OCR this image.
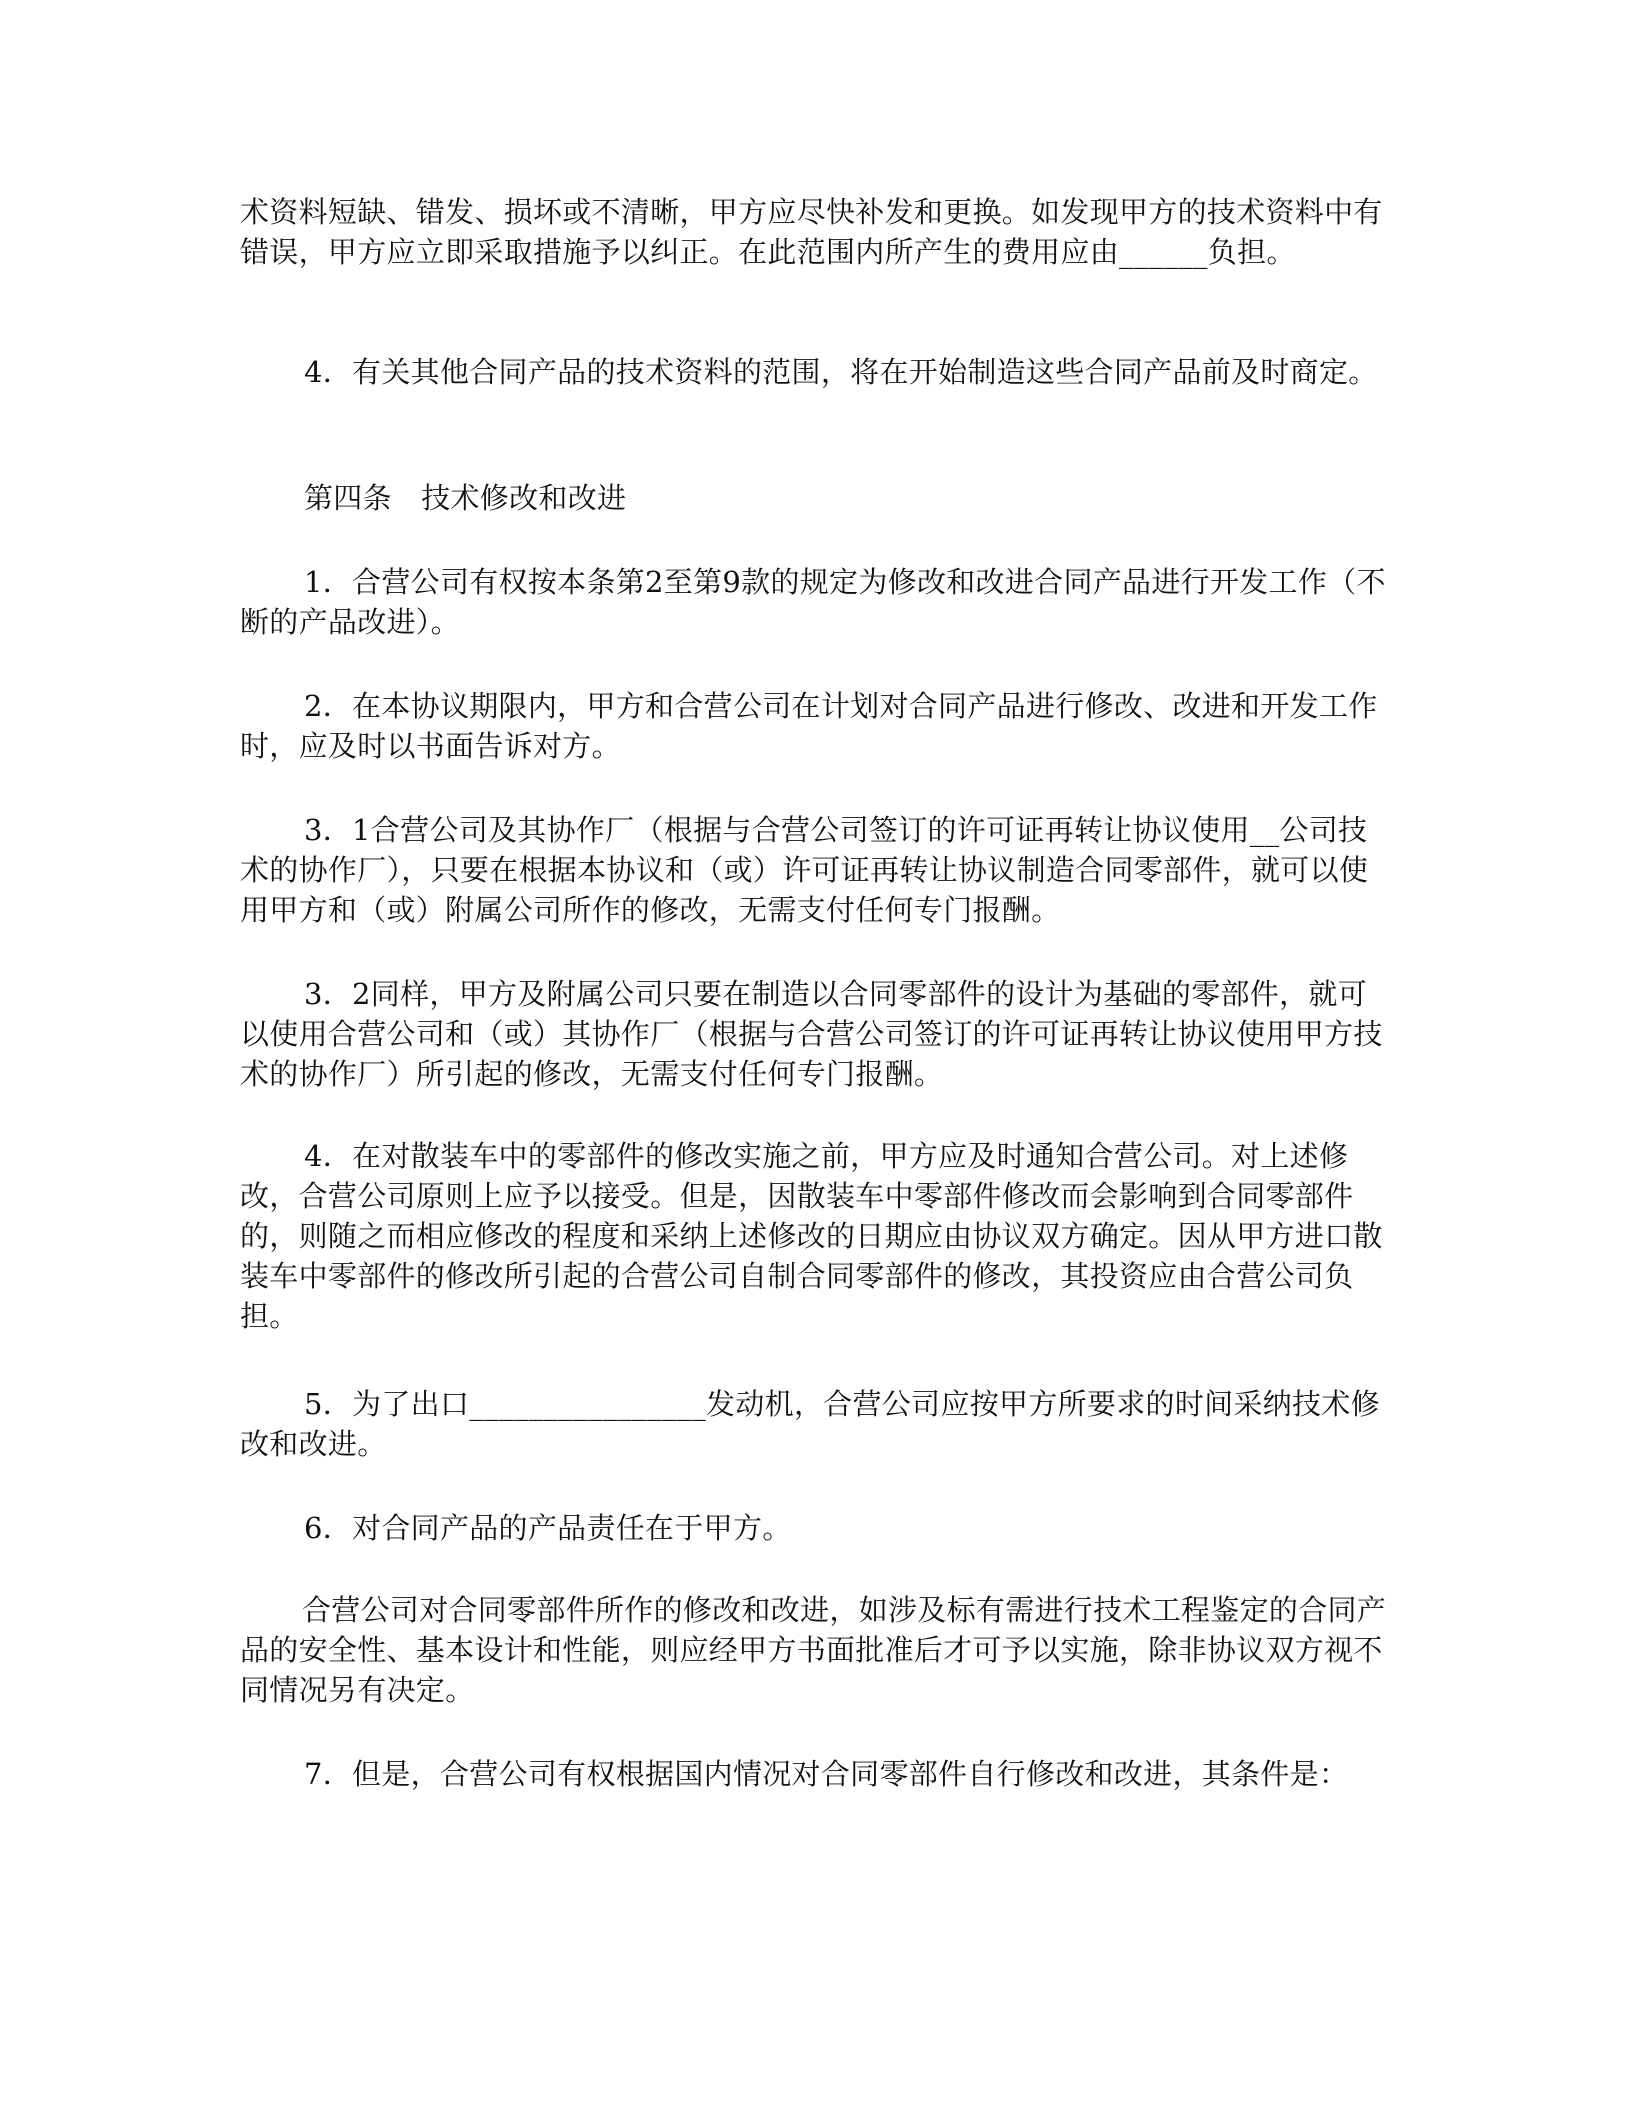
术资料短缺、错发、损坏或不清晰，甲方应尽快补发和更换。如发现甲方的技术资料中有错误，甲方应立即采取措施予以纠正。在此范围内所产生的费用应由______负担。

4．有关其他合同产品的技术资料的范围，将在开始制造这些合同产品前及时商定。

第四条　技术修改和改进

1．合营公司有权按本条第2至第9款的规定为修改和改进合同产品进行开发工作（不断的产品改进）。

2．在本协议期限内，甲方和合营公司在计划对合同产品进行修改、改进和开发工作时，应及时以书面告诉对方。

3．1合营公司及其协作厂（根据与合营公司签订的许可证再转让协议使用__公司技术的协作厂），只要在根据本协议和（或）许可证再转让协议制造合同零部件，就可以使用甲方和（或）附属公司所作的修改，无需支付任何专门报酬。

3．2同样，甲方及附属公司只要在制造以合同零部件的设计为基础的零部件，就可以使用合营公司和（或）其协作厂（根据与合营公司签订的许可证再转让协议使用甲方技术的协作厂）所引起的修改，无需支付任何专门报酬。

4．在对散装车中的零部件的修改实施之前，甲方应及时通知合营公司。对上述修改，合营公司原则上应予以接受。但是，因散装车中零部件修改而会影响到合同零部件的，则随之而相应修改的程度和采纳上述修改的日期应由协议双方确定。因从甲方进口散装车中零部件的修改所引起的合营公司自制合同零部件的修改，其投资应由合营公司负担。

5．为了出口________________发动机，合营公司应按甲方所要求的时间采纳技术修改和改进。

6．对合同产品的产品责任在于甲方。

合营公司对合同零部件所作的修改和改进，如涉及标有需进行技术工程鉴定的合同产品的安全性、基本设计和性能，则应经甲方书面批准后才可予以实施，除非协议双方视不同情况另有决定。

7．但是，合营公司有权根据国内情况对合同零部件自行修改和改进，其条件是：
